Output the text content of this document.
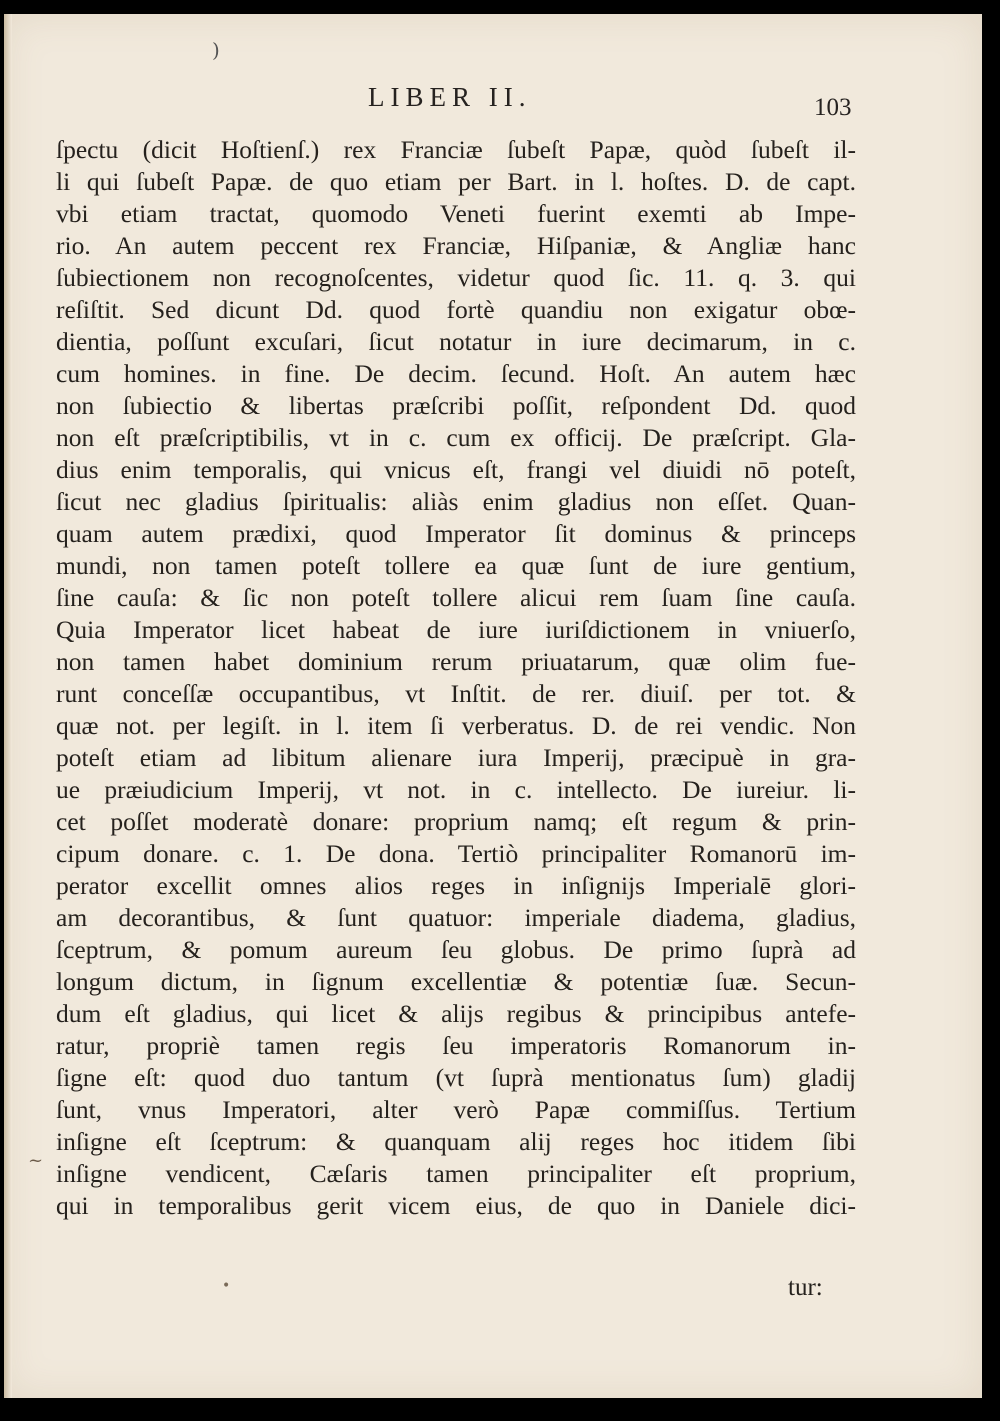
)
~
•
LIBER II.	103
ſpectu (dicit Hoſtienſ.) rex Franciæ ſubeſt Papæ, quòd ſubeſt il-
li qui ſubeſt Papæ. de quo etiam per Bart. in l. hoſtes. D. de capt.
vbi etiam tractat, quomodo Veneti fuerint exemti ab Impe-
rio. An autem peccent rex Franciæ, Hiſpaniæ, & Angliæ hanc
ſubiectionem non recognoſcentes, videtur quod ſic. 11. q. 3. qui
reſiſtit. Sed dicunt Dd. quod fortè quandiu non exigatur obœ-
dientia, poſſunt excuſari, ſicut notatur in iure decimarum, in c.
cum homines. in fine. De decim. ſecund. Hoſt. An autem hæc
non ſubiectio & libertas præſcribi poſſit, reſpondent Dd. quod
non eſt præſcriptibilis, vt in c. cum ex officij. De præſcript. Gla-
dius enim temporalis, qui vnicus eſt, frangi vel diuidi nō poteſt,
ſicut nec gladius ſpiritualis: aliàs enim gladius non eſſet. Quan-
quam autem prædixi, quod Imperator ſit dominus & princeps
mundi, non tamen poteſt tollere ea quæ ſunt de iure gentium,
ſine cauſa: & ſic non poteſt tollere alicui rem ſuam ſine cauſa.
Quia Imperator licet habeat de iure iuriſdictionem in vniuerſo,
non tamen habet dominium rerum priuatarum, quæ olim fue-
runt conceſſæ occupantibus, vt Inſtit. de rer. diuiſ. per tot. &
quæ not. per legiſt. in l. item ſi verberatus. D. de rei vendic. Non
poteſt etiam ad libitum alienare iura Imperij, præcipuè in gra-
ue præiudicium Imperij, vt not. in c. intellecto. De iureiur. li-
cet poſſet moderatè donare: proprium namq; eſt regum & prin-
cipum donare. c. 1. De dona. Tertiò principaliter Romanorū im-
perator excellit omnes alios reges in inſignijs Imperialē glori-
am decorantibus, & ſunt quatuor: imperiale diadema, gladius,
ſceptrum, & pomum aureum ſeu globus. De primo ſuprà ad
longum dictum, in ſignum excellentiæ & potentiæ ſuæ. Secun-
dum eſt gladius, qui licet & alijs regibus & principibus antefe-
ratur, propriè tamen regis ſeu imperatoris Romanorum in-
ſigne eſt: quod duo tantum (vt ſuprà mentionatus ſum) gladij
ſunt, vnus Imperatori, alter verò Papæ commiſſus. Tertium
inſigne eſt ſceptrum: & quanquam alij reges hoc itidem ſibi
inſigne vendicent, Cæſaris tamen principaliter eſt proprium,
qui in temporalibus gerit vicem eius, de quo in Daniele dici-
tur:
